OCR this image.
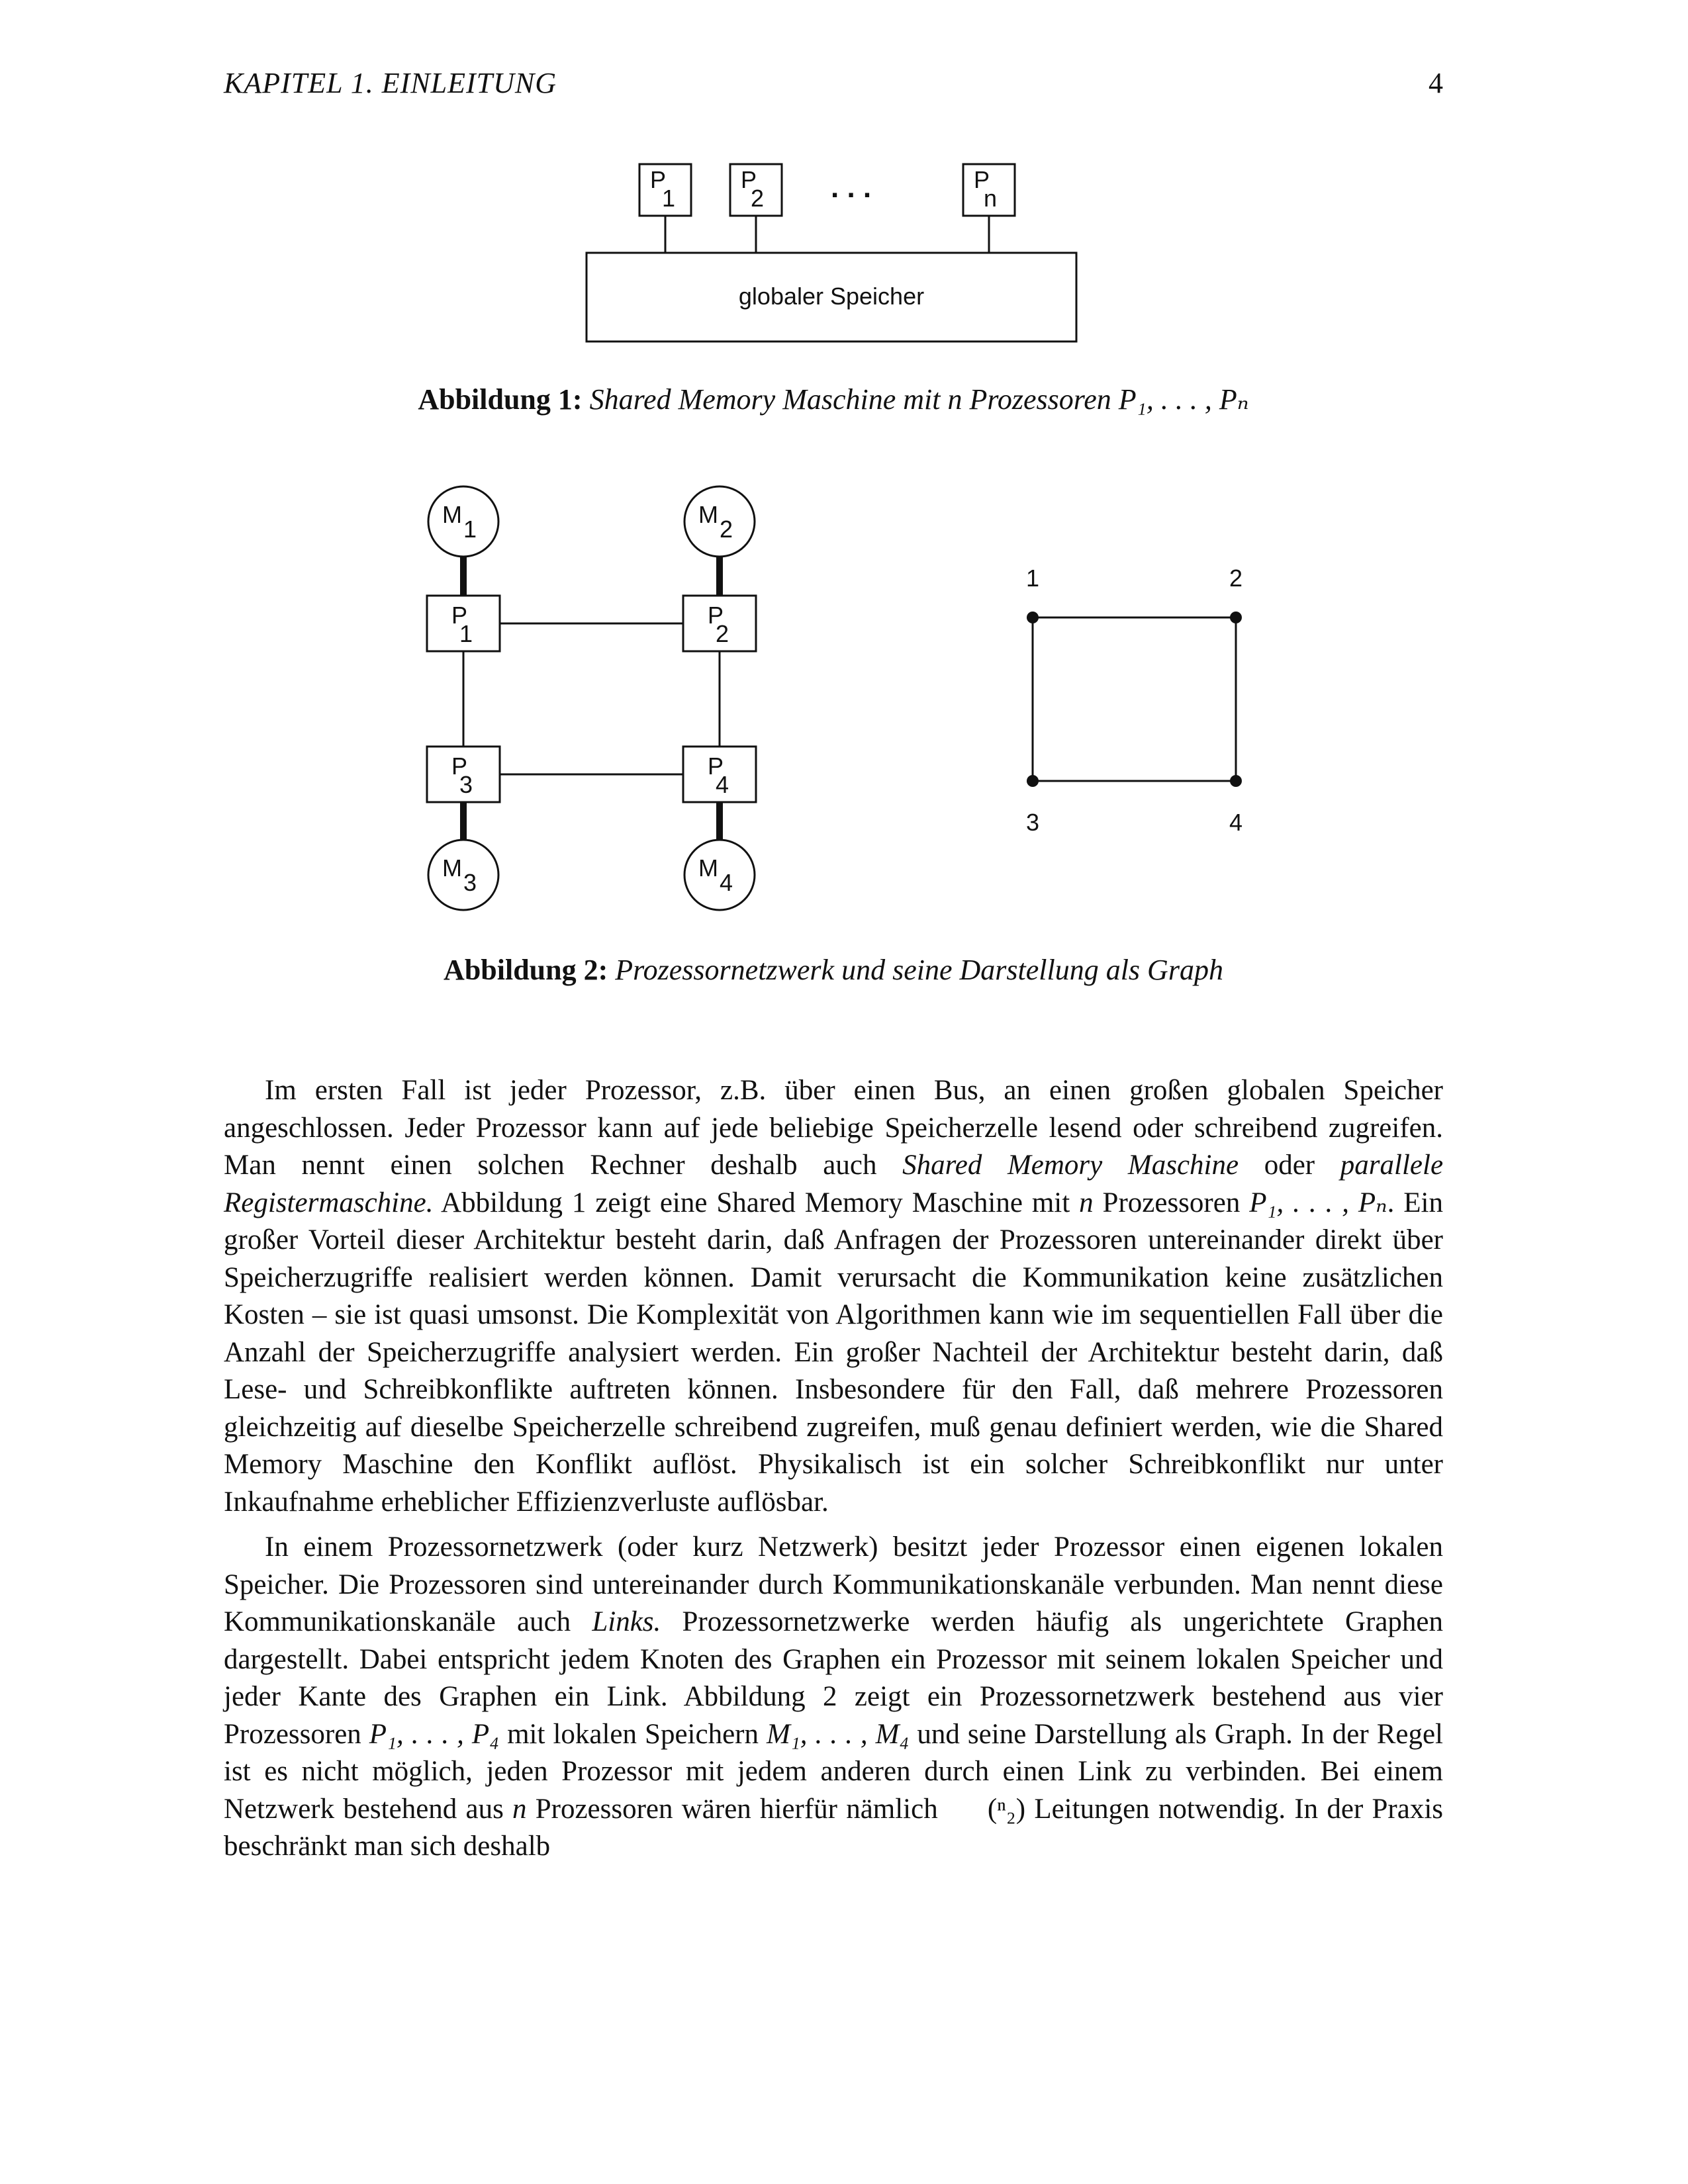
KAPITEL 1. EINLEITUNG	4
P
1
P
2
P
n
. . .
globaler Speicher
Abbildung 1: Shared Memory Maschine mit n Prozessoren P₁, . . . , Pₙ
M
1
M
2
M
3
M
4
P
1
P
2
P
3
P
4
1	2
3	4
Abbildung 2: Prozessornetzwerk und seine Darstellung als Graph

Im ersten Fall ist jeder Prozessor, z.B. über einen Bus, an einen großen globalen Speicher angeschlossen. Jeder Prozessor kann auf jede beliebige Speicherzelle lesend oder schreibend zugreifen. Man nennt einen solchen Rechner deshalb auch Shared Memory Maschine oder parallele Registermaschine. Abbildung 1 zeigt eine Shared Memory Maschine mit n Prozessoren P₁, . . . , Pₙ. Ein großer Vorteil dieser Architektur besteht darin, daß Anfragen der Prozessoren untereinander direkt über Speicherzugriffe realisiert werden können. Damit verursacht die Kommunikation keine zusätzlichen Kosten – sie ist quasi umsonst. Die Komplexität von Algorithmen kann wie im sequentiellen Fall über die Anzahl der Speicherzugriffe analysiert werden. Ein großer Nachteil der Architektur besteht darin, daß Lese- und Schreibkonflikte auftreten können. Insbesondere für den Fall, daß mehrere Prozessoren gleichzeitig auf dieselbe Speicherzelle schreibend zugreifen, muß genau definiert werden, wie die Shared Memory Maschine den Konflikt auflöst. Physikalisch ist ein solcher Schreibkonflikt nur unter Inkaufnahme erheblicher Effizienzverluste auflösbar.

In einem Prozessornetzwerk (oder kurz Netzwerk) besitzt jeder Prozessor einen eigenen lokalen Speicher. Die Prozessoren sind untereinander durch Kommunikationskanäle verbunden. Man nennt diese Kommunikationskanäle auch Links. Prozessornetzwerke werden häufig als ungerichtete Graphen dargestellt. Dabei entspricht jedem Knoten des Graphen ein Prozessor mit seinem lokalen Speicher und jeder Kante des Graphen ein Link. Abbildung 2 zeigt ein Prozessornetzwerk bestehend aus vier Prozessoren P₁, . . . , P₄ mit lokalen Speichern M₁, . . . , M₄ und seine Darstellung als Graph. In der Regel ist es nicht möglich, jeden Prozessor mit jedem anderen durch einen Link zu verbinden. Bei einem Netzwerk bestehend aus n Prozessoren wären hierfür nämlich (ⁿ₂) Leitungen notwendig. In der Praxis beschränkt man sich deshalb
